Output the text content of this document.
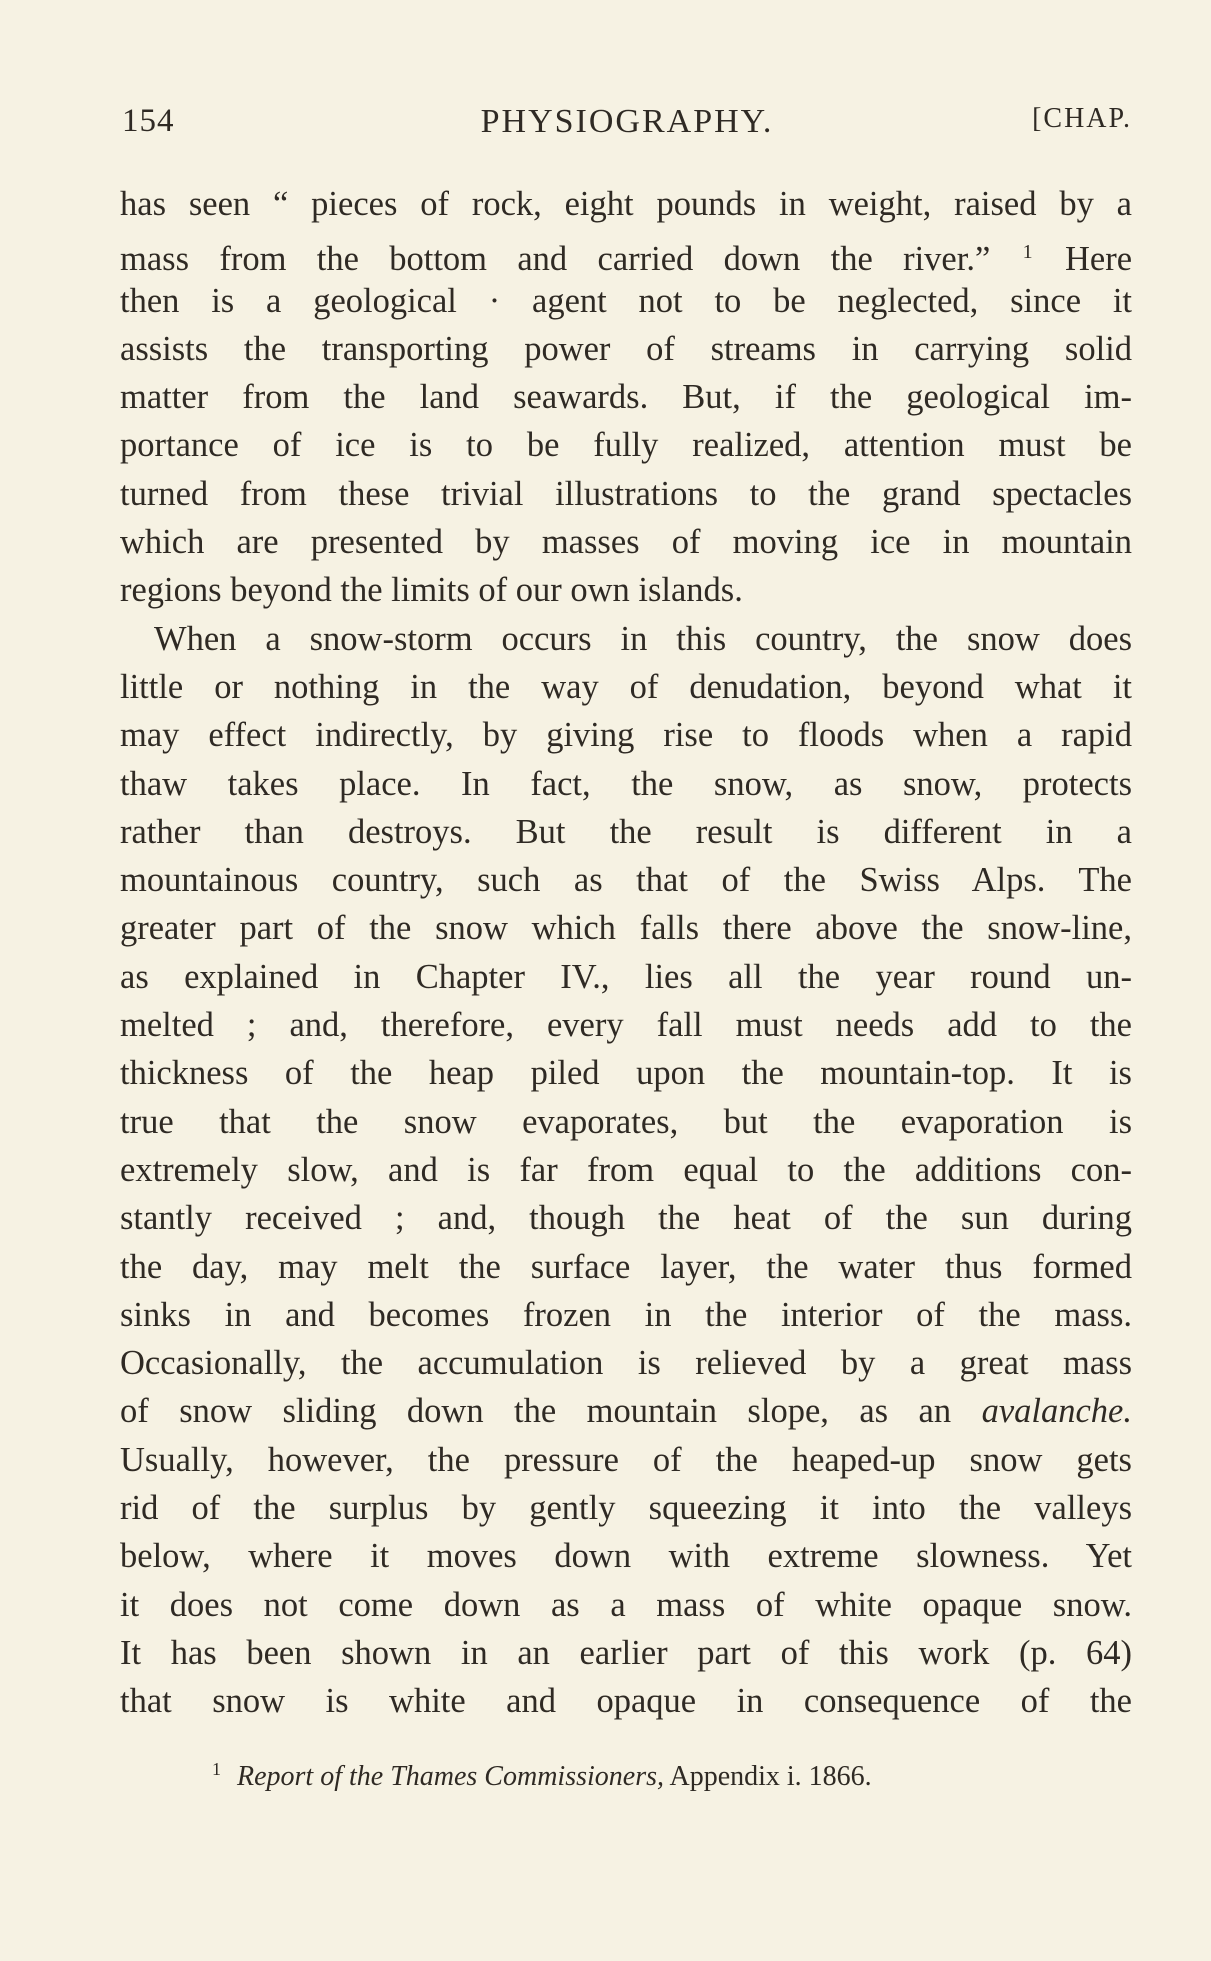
154	PHYSIOGRAPHY.	[CHAP.
has seen “ pieces of rock, eight pounds in weight, raised by a
mass from the bottom and carried down the river.” $^1$ Here
then is a geological · agent not to be neglected, since it
assists the transporting power of streams in carrying solid
matter from the land seawards. But, if the geological im-
portance of ice is to be fully realized, attention must be
turned from these trivial illustrations to the grand spectacles
which are presented by masses of moving ice in mountain
regions beyond the limits of our own islands.
When a snow-storm occurs in this country, the snow does
little or nothing in the way of denudation, beyond what it
may effect indirectly, by giving rise to floods when a rapid
thaw takes place. In fact, the snow, as snow, protects
rather than destroys. But the result is different in a
mountainous country, such as that of the Swiss Alps. The
greater part of the snow which falls there above the snow-line,
as explained in Chapter IV., lies all the year round un-
melted ; and, therefore, every fall must needs add to the
thickness of the heap piled upon the mountain-top. It is
true that the snow evaporates, but the evaporation is
extremely slow, and is far from equal to the additions con-
stantly received ; and, though the heat of the sun during
the day, may melt the surface layer, the water thus formed
sinks in and becomes frozen in the interior of the mass.
Occasionally, the accumulation is relieved by a great mass
of snow sliding down the mountain slope, as an avalanche.
Usually, however, the pressure of the heaped-up snow gets
rid of the surplus by gently squeezing it into the valleys
below, where it moves down with extreme slowness. Yet
it does not come down as a mass of white opaque snow.
It has been shown in an earlier part of this work (p. 64)
that snow is white and opaque in consequence of the
$^1$ Report of the Thames Commissioners, Appendix i. 1866.
